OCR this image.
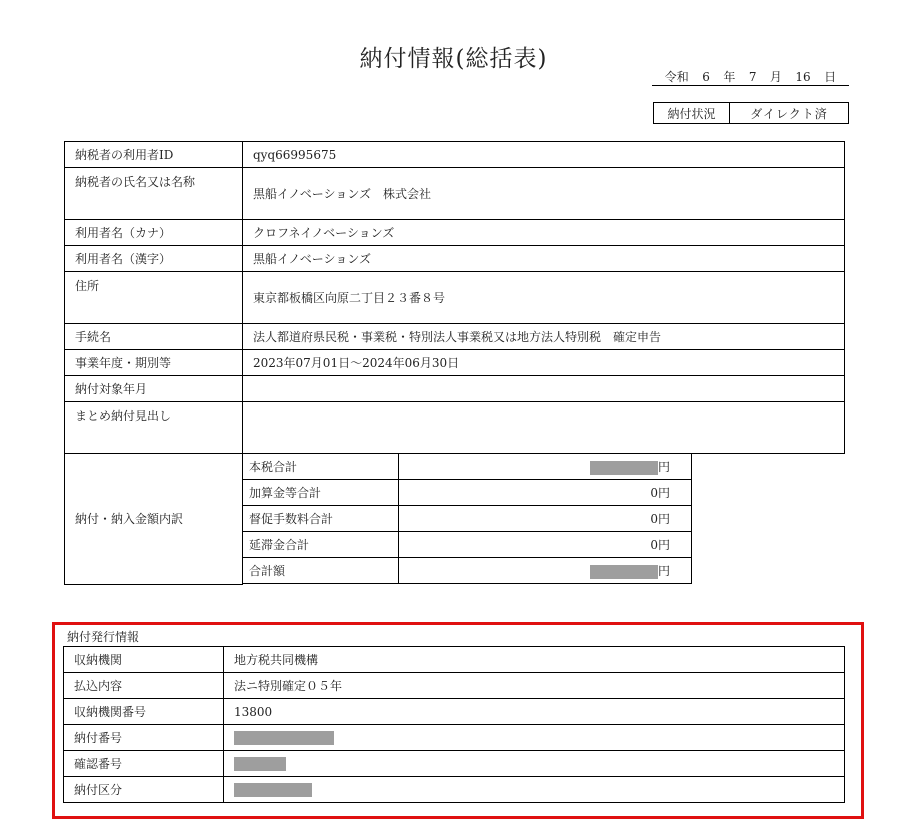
納付情報(総括表)
令和 6 年 7 月 16 日
納付状況	ダイレクト済
納税者の利用者ID	qyq66995675
納税者の氏名又は名称	黒船イノベーションズ　株式会社
利用者名（カナ）	クロフネイノベーションズ
利用者名（漢字）	黒船イノベーションズ
住所	東京都板橋区向原二丁目２３番８号
手続名	法人都道府県民税・事業税・特別法人事業税又は地方法人特別税　確定申告
事業年度・期別等	2023年07月01日～2024年06月30日
納付対象年月	
まとめ納付見出し	
納付・納入金額内訳	
本税合計	円
加算金等合計	0円
督促手数料合計	0円
延滞金合計	0円
合計額	円
納付発行情報
収納機関	地方税共同機構
払込内容	法ニ特別確定０５年
収納機関番号	13800
納付番号	
確認番号	
納付区分	
